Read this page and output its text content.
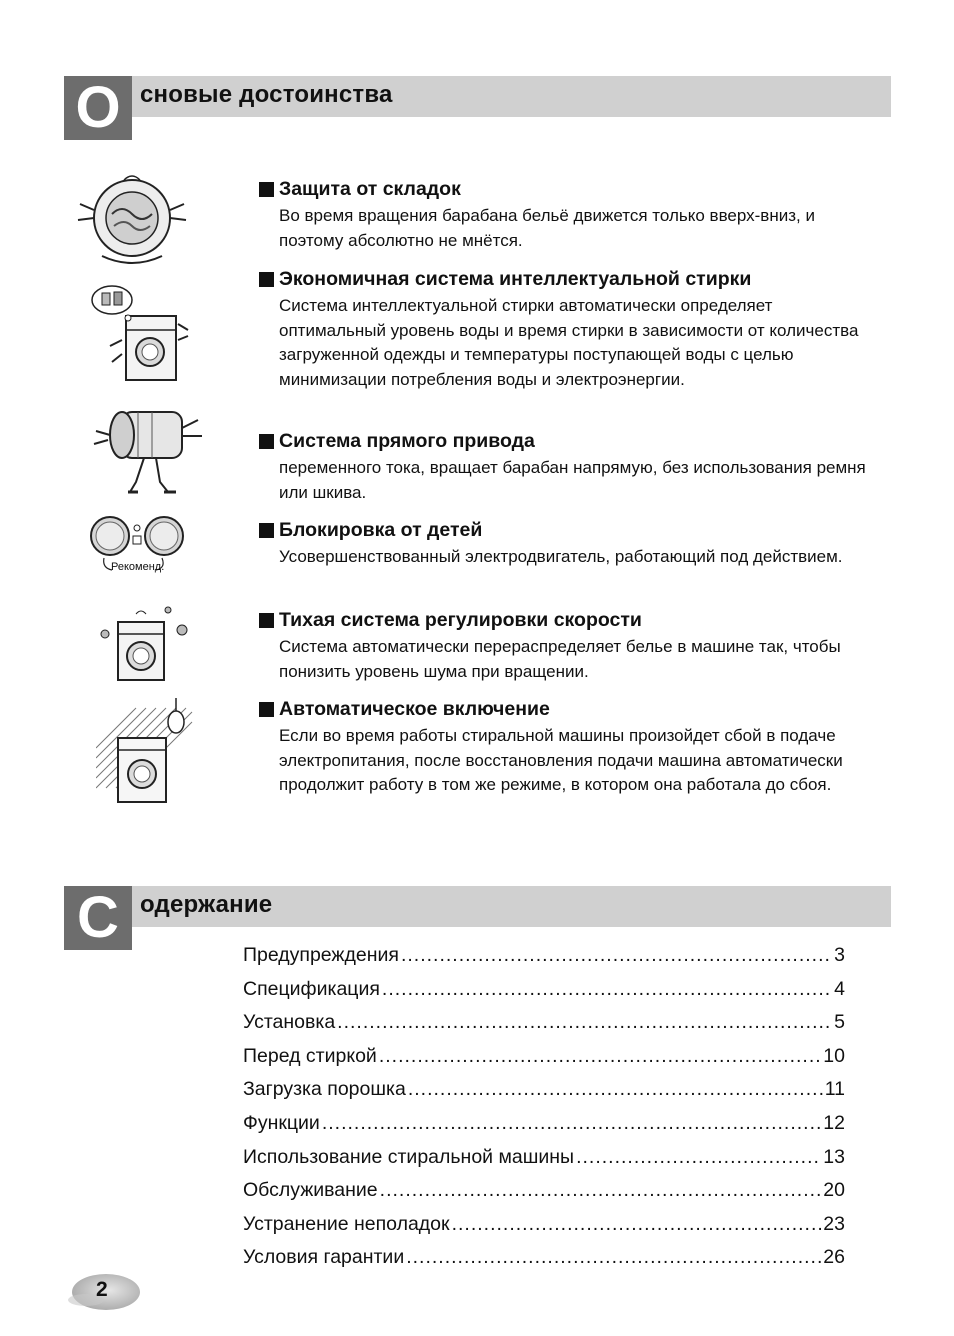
О сновые достоинства
Рекоменд.
Защита от складок
Во время вращения барабана бельё движется только вверх-вниз, и поэтому абсолютно не мнётся.
Экономичная система интеллектуальной стирки
Система интеллектуальной стирки автоматически определяет оптимальный уровень воды и время стирки в зависимости от количества загруженной одежды и температуры поступающей воды с целью минимизации потребления воды и электроэнергии.
Система прямого привода
переменного тока, вращает барабан напрямую, без использования ремня или шкива.
Блокировка от детей
Усовершенствованный электродвигатель, работающий под действием.
Тихая система регулировки скорости
Система автоматически перераспределяет белье в машине так, чтобы понизить уровень шума при вращении.
Автоматическое включение
Если во время работы стиральной машины произойдет сбой в подаче электропитания, после восстановления подачи машина автоматически продолжит работу в том же режиме, в котором она работала до сбоя.
С одержание
Предупреждения .....	3
Спецификация .....	4
Установка .....	5
Перед стиркой .....	10
Загрузка порошка .....	11
Функции .....	12
Использование стиральной машины .....	13
Обслуживание .....	20
Устранение неполадок .....	23
Условия гарантии .....	26
2
